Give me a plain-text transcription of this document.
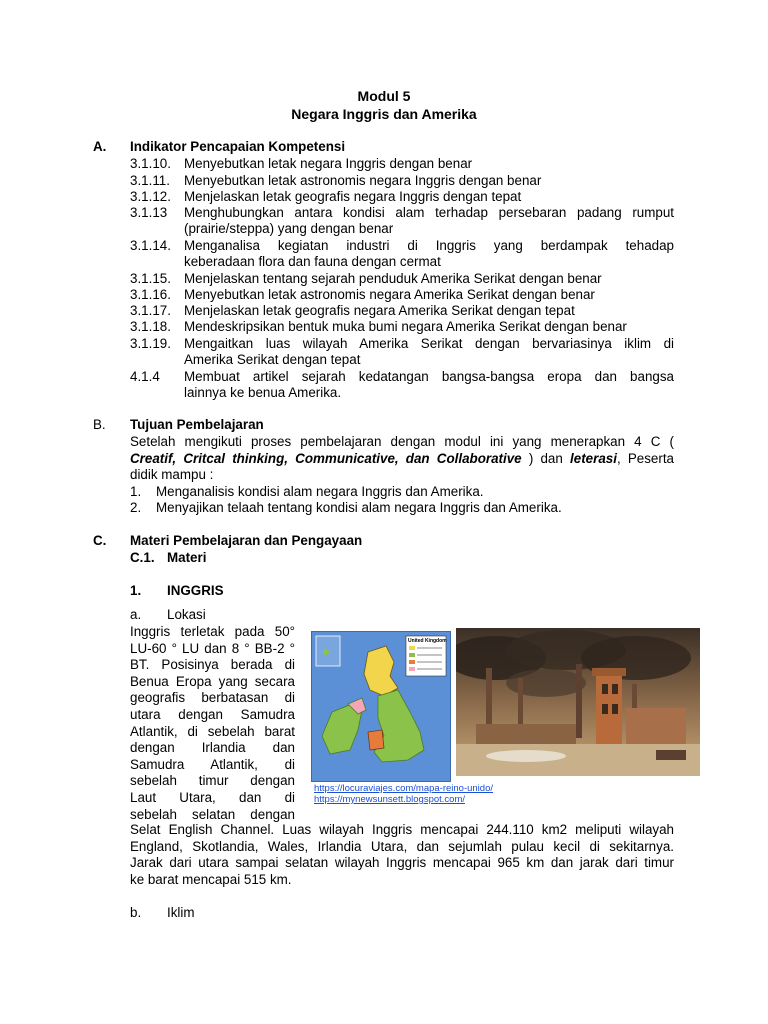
Modul 5
Negara Inggris dan Amerika
A. Indikator Pencapaian Kompetensi
3.1.10. Menyebutkan letak negara Inggris dengan benar
3.1.11. Menyebutkan letak astronomis negara Inggris dengan benar
3.1.12. Menjelaskan letak geografis negara Inggris dengan tepat
3.1.13 Menghubungkan antara kondisi alam terhadap persebaran padang rumput
(prairie/steppa) yang dengan benar
3.1.14. Menganalisa kegiatan industri di Inggris yang berdampak tehadap
keberadaan flora dan fauna dengan cermat
3.1.15. Menjelaskan tentang sejarah penduduk Amerika Serikat dengan benar
3.1.16. Menyebutkan letak astronomis negara Amerika Serikat dengan benar
3.1.17. Menjelaskan letak geografis negara Amerika Serikat dengan tepat
3.1.18. Mendeskripsikan bentuk muka bumi negara Amerika Serikat dengan benar
3.1.19. Mengaitkan luas wilayah Amerika Serikat dengan bervariasinya iklim di
Amerika Serikat dengan tepat
4.1.4 Membuat artikel sejarah kedatangan bangsa-bangsa eropa dan bangsa
lainnya ke benua Amerika.
B. Tujuan Pembelajaran
Setelah mengikuti proses pembelajaran dengan modul ini yang menerapkan 4 C (
Creatif, Critcal thinking, Communicative, dan Collaborative ) dan leterasi, Peserta
didik mampu :
1. Menganalisis kondisi alam negara Inggris dan Amerika.
2. Menyajikan telaah tentang kondisi alam negara Inggris dan Amerika.
C. Materi Pembelajaran dan Pengayaan
C.1. Materi
1. INGGRIS
a. Lokasi
Inggris terletak pada 50°
LU-60 ° LU dan 8 ° BB-2 °
BT. Posisinya berada di
Benua Eropa yang secara
geografis berbatasan di
utara dengan Samudra
Atlantik, di sebelah barat
dengan Irlandia dan
Samudra Atlantik, di
sebelah timur dengan
Laut Utara, dan di
sebelah selatan dengan
United Kingdom
https://locuraviajes.com/mapa-reino-unido/
https://mynewsunsett.blogspot.com/
Selat English Channel. Luas wilayah Inggris mencapai 244.110 km2 meliputi wilayah
England, Skotlandia, Wales, Irlandia Utara, dan sejumlah pulau kecil di sekitarnya.
Jarak dari utara sampai selatan wilayah Inggris mencapai 965 km dan jarak dari timur
ke barat mencapai 515 km.
b. Iklim
